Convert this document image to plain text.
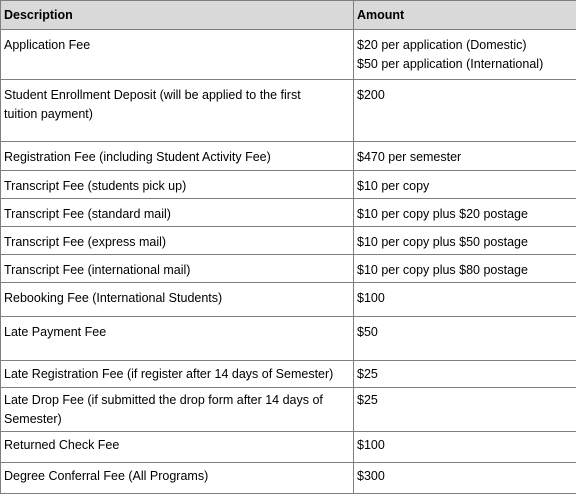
Description	Amount

Application Fee	$20 per application (Domestic)
$50 per application (International)

Student Enrollment Deposit (will be applied to the first
tuition payment)	$200

Registration Fee (including Student Activity Fee)	$470 per semester

Transcript Fee (students pick up)	$10 per copy

Transcript Fee (standard mail)	$10 per copy plus $20 postage

Transcript Fee (express mail)	$10 per copy plus $50 postage

Transcript Fee (international mail)	$10 per copy plus $80 postage

Rebooking Fee (International Students)	$100

Late Payment Fee	$50

Late Registration Fee (if register after 14 days of Semester)	$25

Late Drop Fee (if submitted the drop form after 14 days of
Semester)	$25

Returned Check Fee	$100

Degree Conferral Fee (All Programs)	$300
